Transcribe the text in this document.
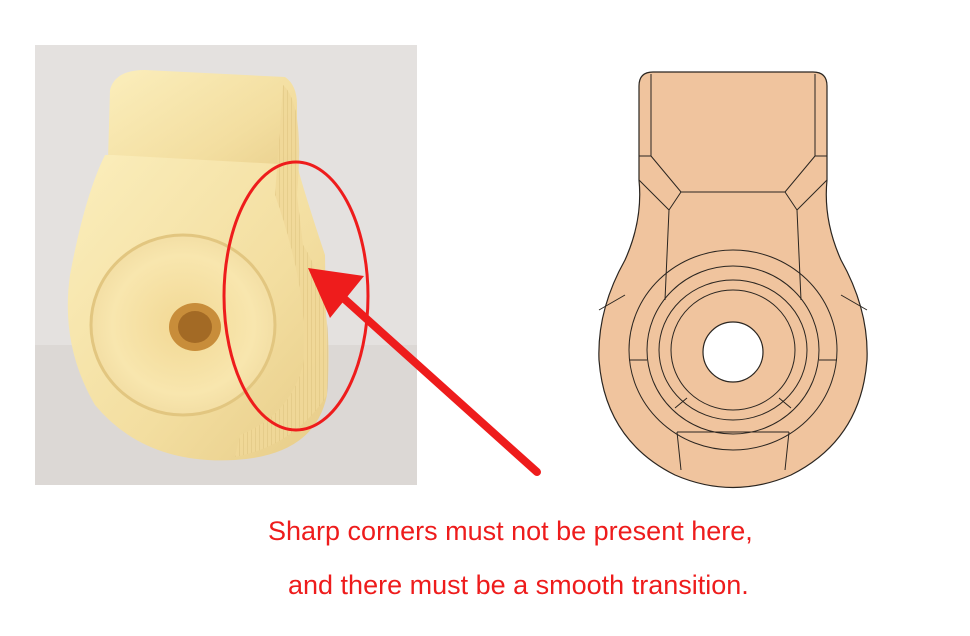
Sharp corners must not be present here,
and there must be a smooth transition.
